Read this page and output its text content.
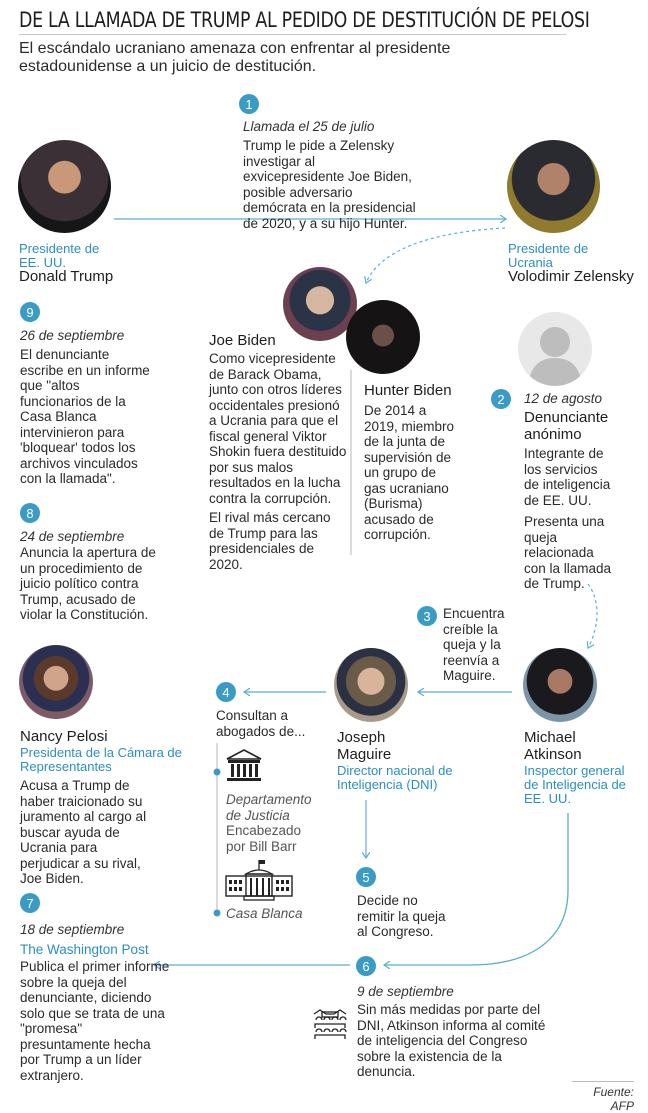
DE LA LLAMADA DE TRUMP AL PEDIDO DE DESTITUCIÓN DE PELOSI
El escándalo ucraniano amenaza con enfrentar al presidente estadounidense a un juicio de destitución.
1
Llamada el 25 de julio
Trump le pide a Zelensky investigar al exvicepresidente Joe Biden, posible adversario demócrata en la presidencial de 2020, y a su hijo Hunter.
Presidente de EE. UU.
Donald Trump
Presidente de Ucrania
Volodimir Zelensky
Joe Biden
Como vicepresidente de Barack Obama, junto con otros líderes occidentales presionó a Ucrania para que el fiscal general Viktor Shokin fuera destituido por sus malos resultados en la lucha contra la corrupción.
El rival más cercano de Trump para las presidenciales de 2020.
Hunter Biden
De 2014 a 2019, miembro de la junta de supervisión de un grupo de gas ucraniano (Burisma) acusado de corrupción.
2	12 de agosto
Denunciante anónimo
Integrante de los servicios de inteligencia de EE. UU.
Presenta una queja relacionada con la llamada de Trump.
9
26 de septiembre
El denunciante escribe en un informe que "altos funcionarios de la Casa Blanca intervinieron para 'bloquear' todos los archivos vinculados con la llamada".
8
24 de septiembre
Anuncia la apertura de un procedimiento de juicio político contra Trump, acusado de violar la Constitución.	3 Encuentra creíble la queja y la reenvía a Maguire.
Nancy Pelosi
Presidenta de la Cámara de Representantes
Acusa a Trump de haber traicionado su juramento al cargo al buscar ayuda de Ucrania para perjudicar a su rival, Joe Biden.
Joseph Maguire
Director nacional de Inteligencia (DNI)
Michael Atkinson
Inspector general de Inteligencia de EE. UU.
4
Consultan a abogados de...
Departamento de Justicia
Encabezado por Bill Barr
Casa Blanca
5
Decide no remitir la queja al Congreso.
6
9 de septiembre
Sin más medidas por parte del DNI, Atkinson informa al comité de inteligencia del Congreso sobre la existencia de la denuncia.
7
18 de septiembre
The Washington Post
Publica el primer informe sobre la queja del denunciante, diciendo solo que se trata de una "promesa" presuntamente hecha por Trump a un líder extranjero.
Fuente: AFP
